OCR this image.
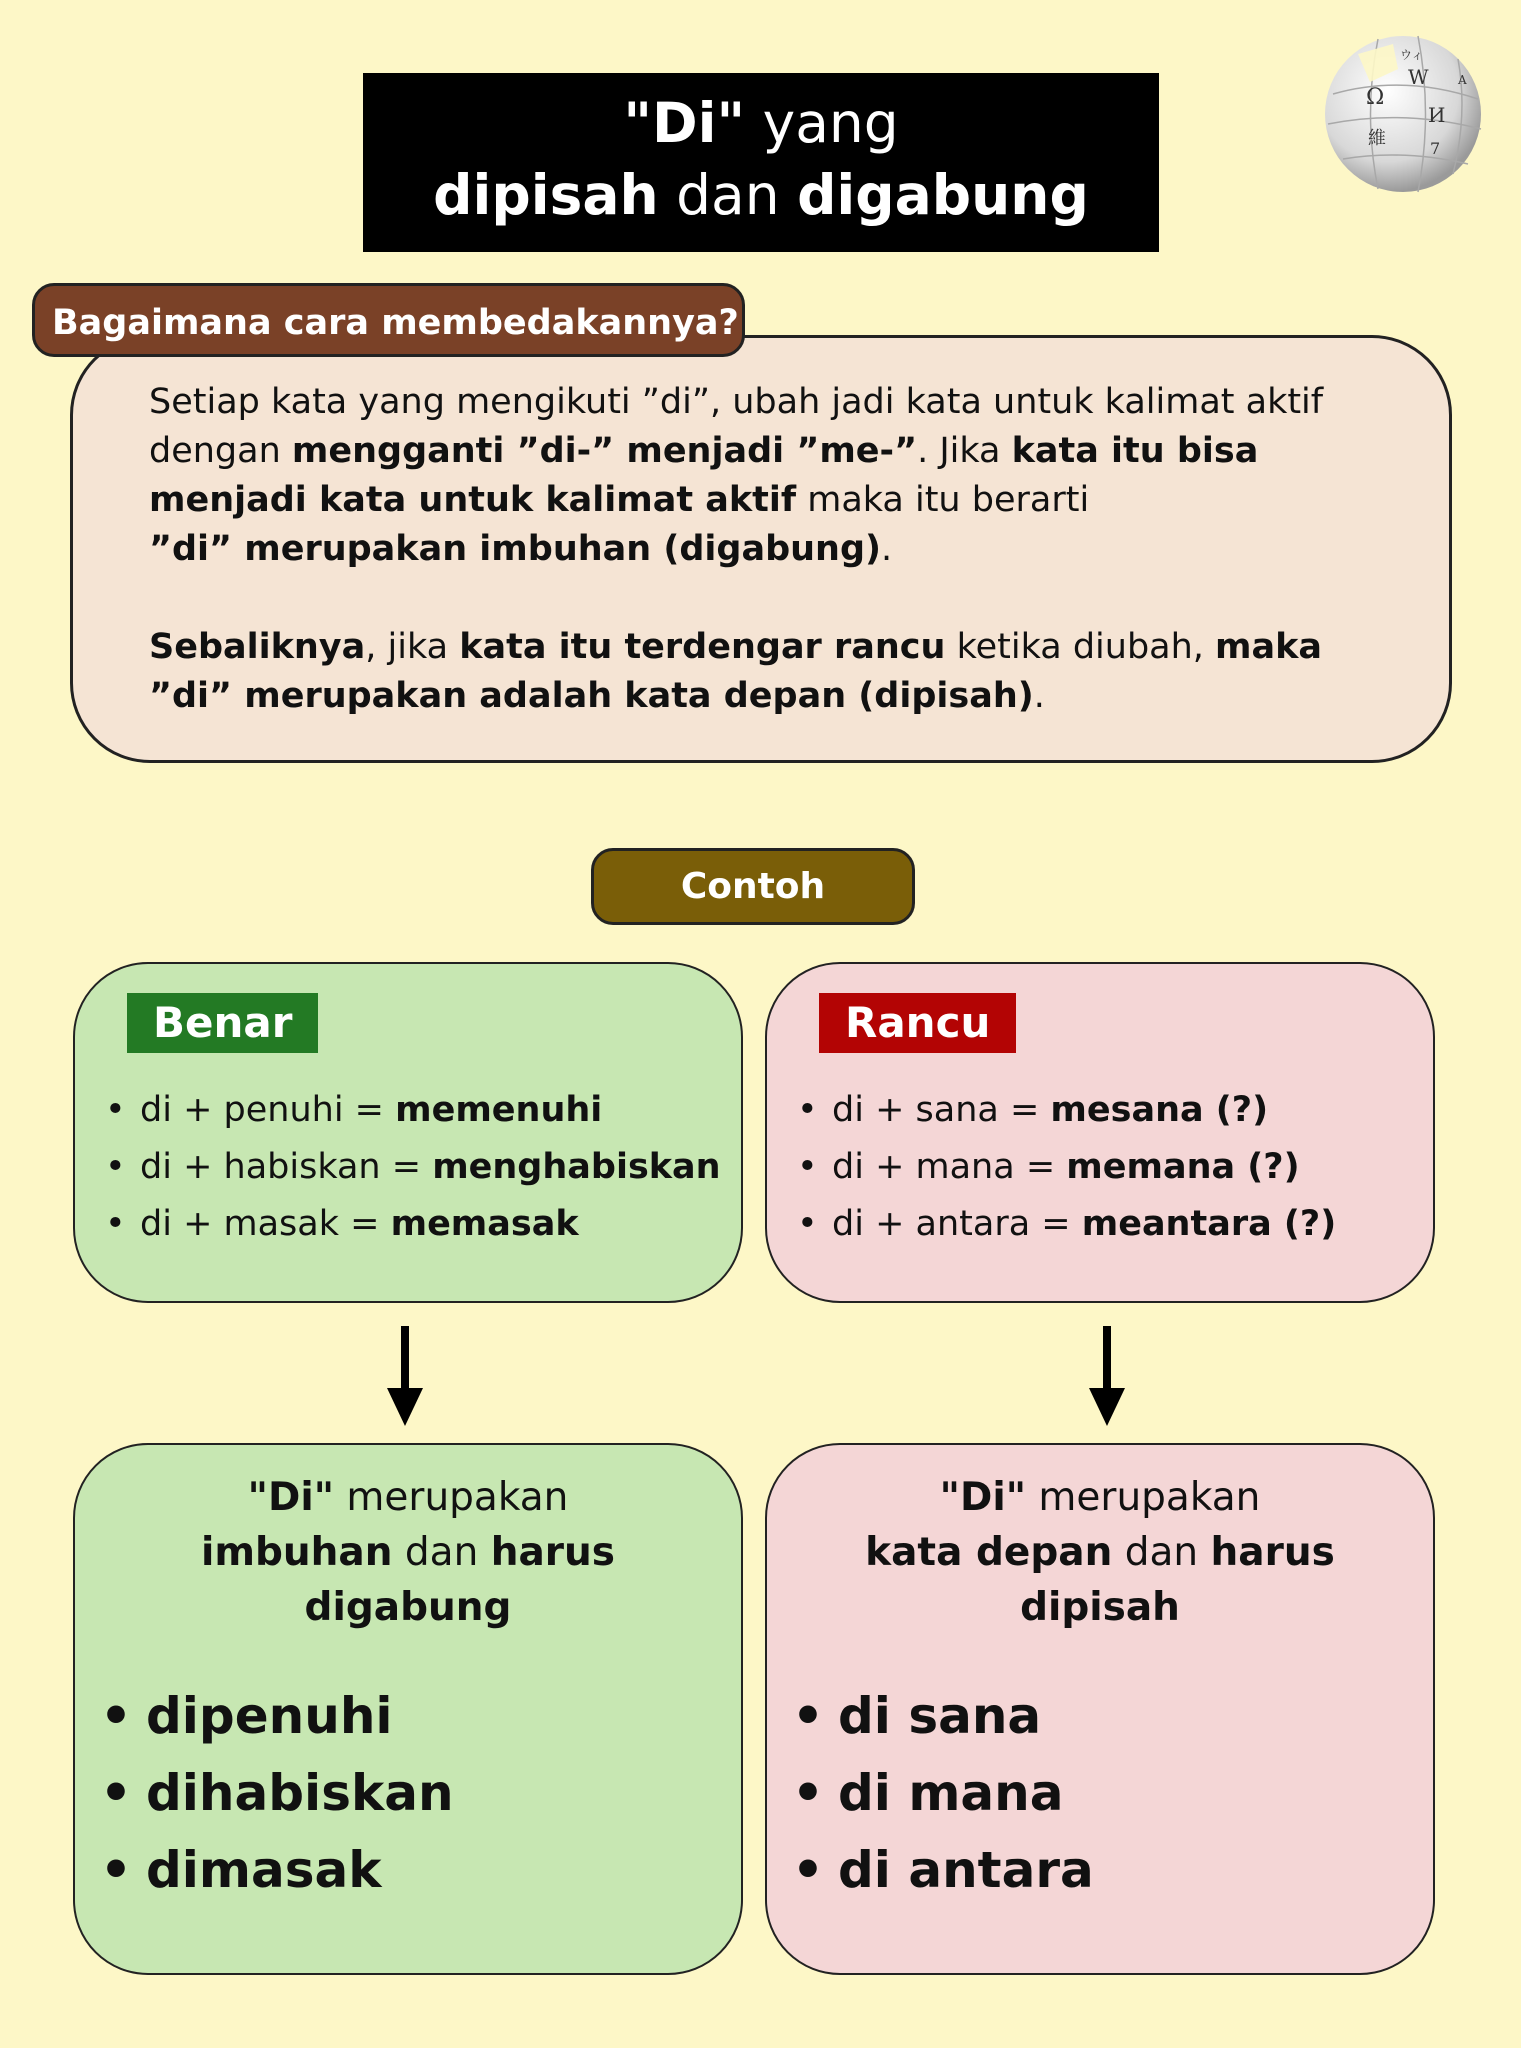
"Di" yang
dipisah dan digabung
Ω
W
И
維	7
ウィ
A
Bagaimana cara membedakannya?

Setiap kata yang mengikuti ”di”, ubah jadi kata untuk kalimat aktif dengan mengganti ”di-” menjadi ”me-”. Jika kata itu bisa menjadi kata untuk kalimat aktif maka itu berarti
”di” merupakan imbuhan (digabung).

Sebaliknya, jika kata itu terdengar rancu ketika diubah, maka ”di” merupakan adalah kata depan (dipisah).

Contoh
Benar
• di + penuhi = memenuhi
• di + habiskan = menghabiskan
• di + masak = memasak
Rancu
• di + sana = mesana (?)
• di + mana = memana (?)
• di + antara = meantara (?)
"Di" merupakan
imbuhan dan harus
digabung
• dipenuhi
• dihabiskan
• dimasak
"Di" merupakan
kata depan dan harus
dipisah
• di sana
• di mana
• di antara
